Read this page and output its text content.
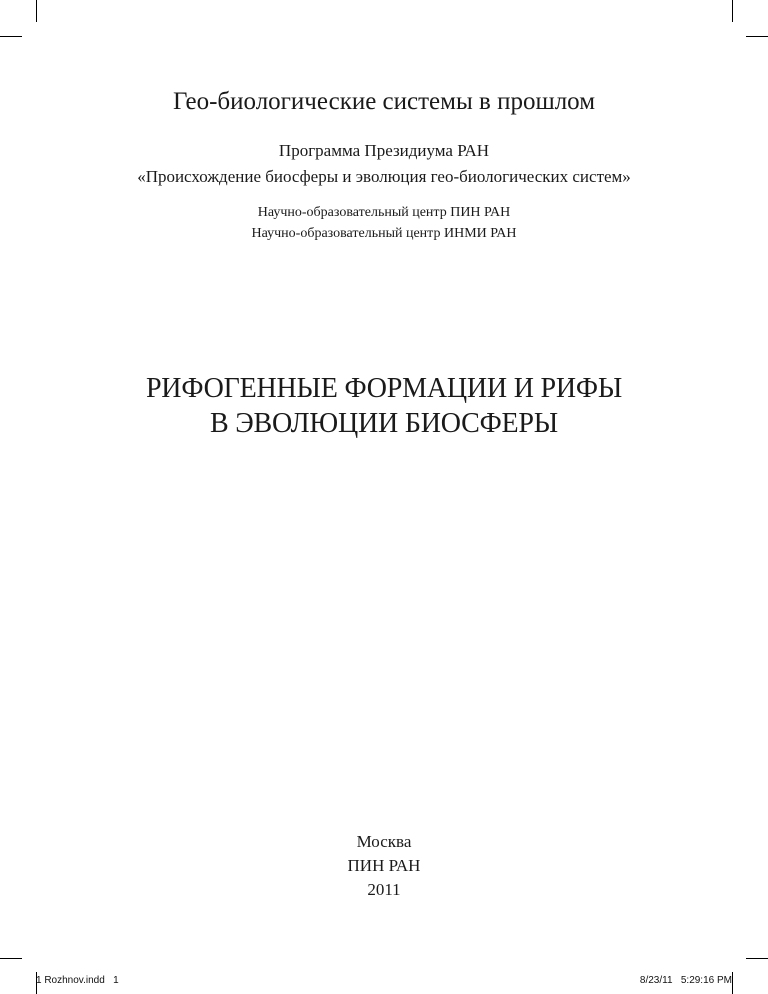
Гео-биологические системы в прошлом
Программа Президиума РАН
«Происхождение биосферы и эволюция гео-биологических систем»
Научно-образовательный центр ПИН РАН
Научно-образовательный центр ИНМИ РАН
РИФОГЕННЫЕ ФОРМАЦИИ И РИФЫ
В ЭВОЛЮЦИИ БИОСФЕРЫ
Москва
ПИН РАН
2011
1 Rozhnov.indd   1	8/23/11   5:29:16 PM
